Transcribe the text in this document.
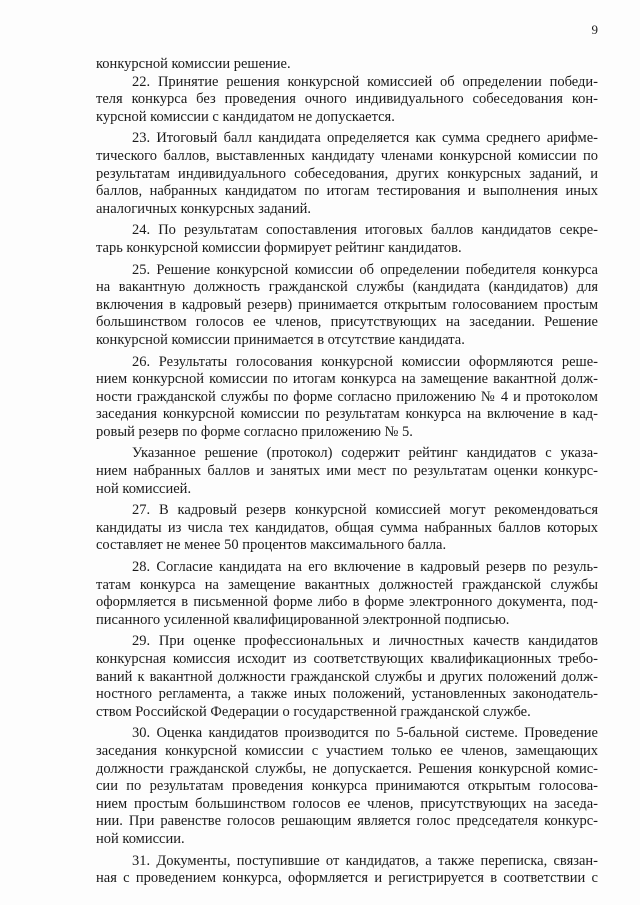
9
конкурсной комиссии решение.
22. Принятие решения конкурсной комиссией об определении победи-
теля конкурса без проведения очного индивидуального собеседования кон-
курсной комиссии с кандидатом не допускается.
23. Итоговый балл кандидата определяется как сумма среднего арифме-
тического баллов, выставленных кандидату членами конкурсной комиссии по
результатам индивидуального собеседования, других конкурсных заданий, и
баллов, набранных кандидатом по итогам тестирования и выполнения иных
аналогичных конкурсных заданий.
24. По результатам сопоставления итоговых баллов кандидатов секре-
тарь конкурсной комиссии формирует рейтинг кандидатов.
25. Решение конкурсной комиссии об определении победителя конкурса
на вакантную должность гражданской службы (кандидата (кандидатов) для
включения в кадровый резерв) принимается открытым голосованием простым
большинством голосов ее членов, присутствующих на заседании. Решение
конкурсной комиссии принимается в отсутствие кандидата.
26. Результаты голосования конкурсной комиссии оформляются реше-
нием конкурсной комиссии по итогам конкурса на замещение вакантной долж-
ности гражданской службы по форме согласно приложению № 4 и протоколом
заседания конкурсной комиссии по результатам конкурса на включение в кад-
ровый резерв по форме согласно приложению № 5.
Указанное решение (протокол) содержит рейтинг кандидатов с указа-
нием набранных баллов и занятых ими мест по результатам оценки конкурс-
ной комиссией.
27. В кадровый резерв конкурсной комиссией могут рекомендоваться
кандидаты из числа тех кандидатов, общая сумма набранных баллов которых
составляет не менее 50 процентов максимального балла.
28. Согласие кандидата на его включение в кадровый резерв по резуль-
татам конкурса на замещение вакантных должностей гражданской службы
оформляется в письменной форме либо в форме электронного документа, под-
писанного усиленной квалифицированной электронной подписью.
29. При оценке профессиональных и личностных качеств кандидатов
конкурсная комиссия исходит из соответствующих квалификационных требо-
ваний к вакантной должности гражданской службы и других положений долж-
ностного регламента, а также иных положений, установленных законодатель-
ством Российской Федерации о государственной гражданской службе.
30. Оценка кандидатов производится по 5-бальной системе. Проведение
заседания конкурсной комиссии с участием только ее членов, замещающих
должности гражданской службы, не допускается. Решения конкурсной комис-
сии по результатам проведения конкурса принимаются открытым голосова-
нием простым большинством голосов ее членов, присутствующих на заседа-
нии. При равенстве голосов решающим является голос председателя конкурс-
ной комиссии.
31. Документы, поступившие от кандидатов, а также переписка, связан-
ная с проведением конкурса, оформляется и регистрируется в соответствии с
